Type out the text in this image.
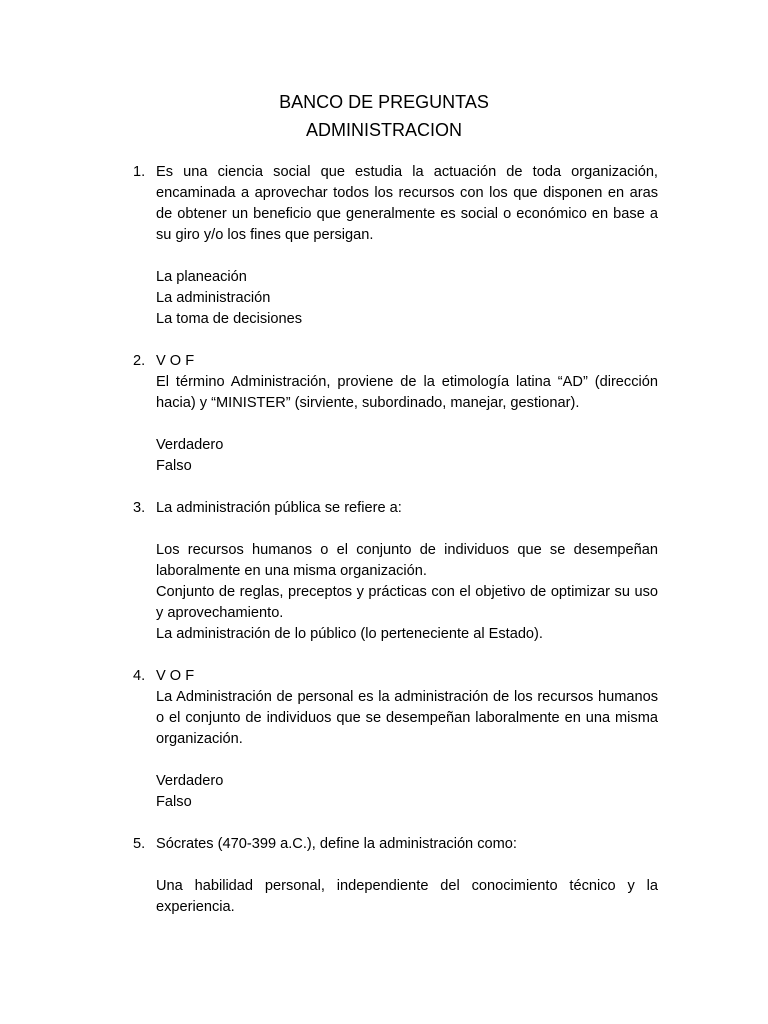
BANCO DE PREGUNTAS
ADMINISTRACION
1. Es una ciencia social que estudia la actuación de toda organización, encaminada a aprovechar todos los recursos con los que disponen en aras de obtener un beneficio que generalmente es social o económico en base a su giro y/o los fines que persigan.
La planeación
La administración
La toma de decisiones
2. V O F
El término Administración, proviene de la etimología latina “AD” (dirección hacia) y “MINISTER” (sirviente, subordinado, manejar, gestionar).
Verdadero
Falso
3. La administración pública se refiere a:
Los recursos humanos o el conjunto de individuos que se desempeñan laboralmente en una misma organización.
Conjunto de reglas, preceptos y prácticas con el objetivo de optimizar su uso y aprovechamiento.
La administración de lo público (lo perteneciente al Estado).
4. V O F
La Administración de personal es la administración de los recursos humanos o el conjunto de individuos que se desempeñan laboralmente en una misma organización.
Verdadero
Falso
5. Sócrates (470-399 a.C.), define la administración como:
Una habilidad personal, independiente del conocimiento técnico y la experiencia.
